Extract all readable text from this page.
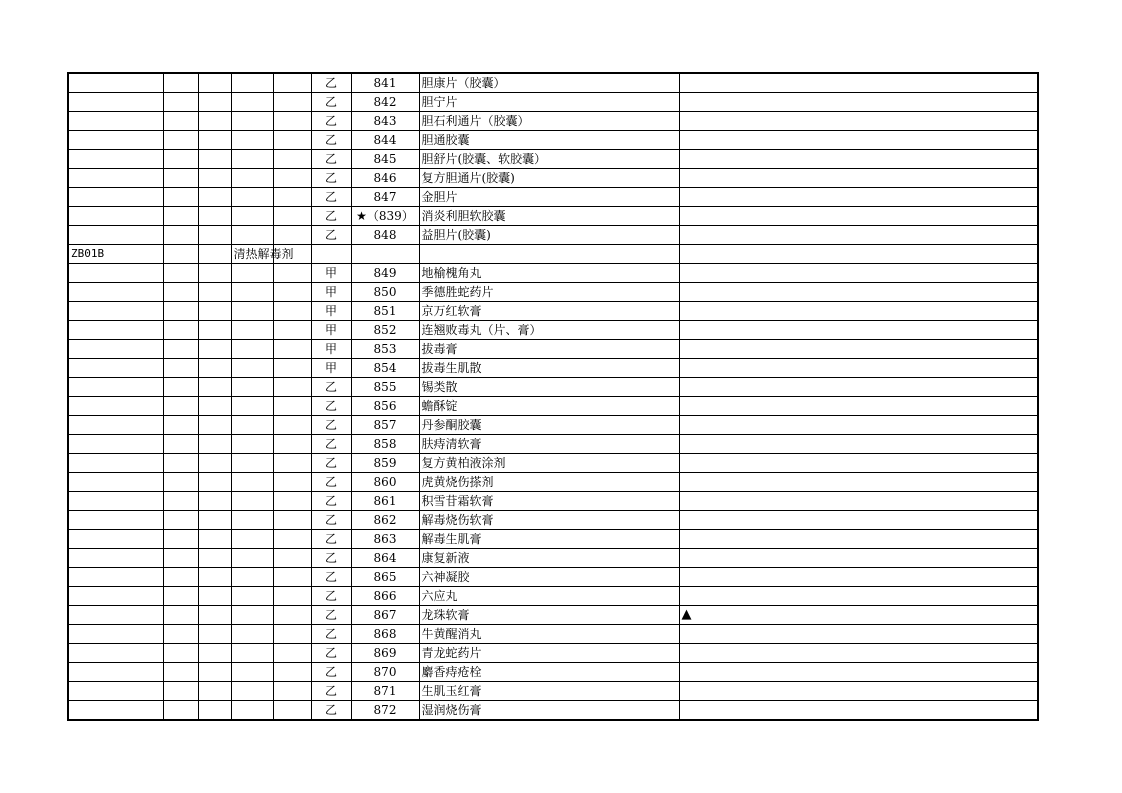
					乙	841	胆康片（胶囊）	
					乙	842	胆宁片	
					乙	843	胆石利通片（胶囊）	
					乙	844	胆通胶囊	
					乙	845	胆舒片(胶囊、软胶囊）	
					乙	846	复方胆通片(胶囊)	
					乙	847	金胆片	
					乙	★（839）	消炎利胆软胶囊	
					乙	848	益胆片(胶囊)	
ZB01B			清热解毒剂					
					甲	849	地榆槐角丸	
					甲	850	季德胜蛇药片	
					甲	851	京万红软膏	
					甲	852	连翘败毒丸（片、膏）	
					甲	853	拔毒膏	
					甲	854	拔毒生肌散	
					乙	855	锡类散	
					乙	856	蟾酥锭	
					乙	857	丹参酮胶囊	
					乙	858	肤痔清软膏	
					乙	859	复方黄柏液涂剂	
					乙	860	虎黄烧伤搽剂	
					乙	861	积雪苷霜软膏	
					乙	862	解毒烧伤软膏	
					乙	863	解毒生肌膏	
					乙	864	康复新液	
					乙	865	六神凝胶	
					乙	866	六应丸	
					乙	867	龙珠软膏	▲
					乙	868	牛黄醒消丸	
					乙	869	青龙蛇药片	
					乙	870	麝香痔疮栓	
					乙	871	生肌玉红膏	
					乙	872	湿润烧伤膏	
